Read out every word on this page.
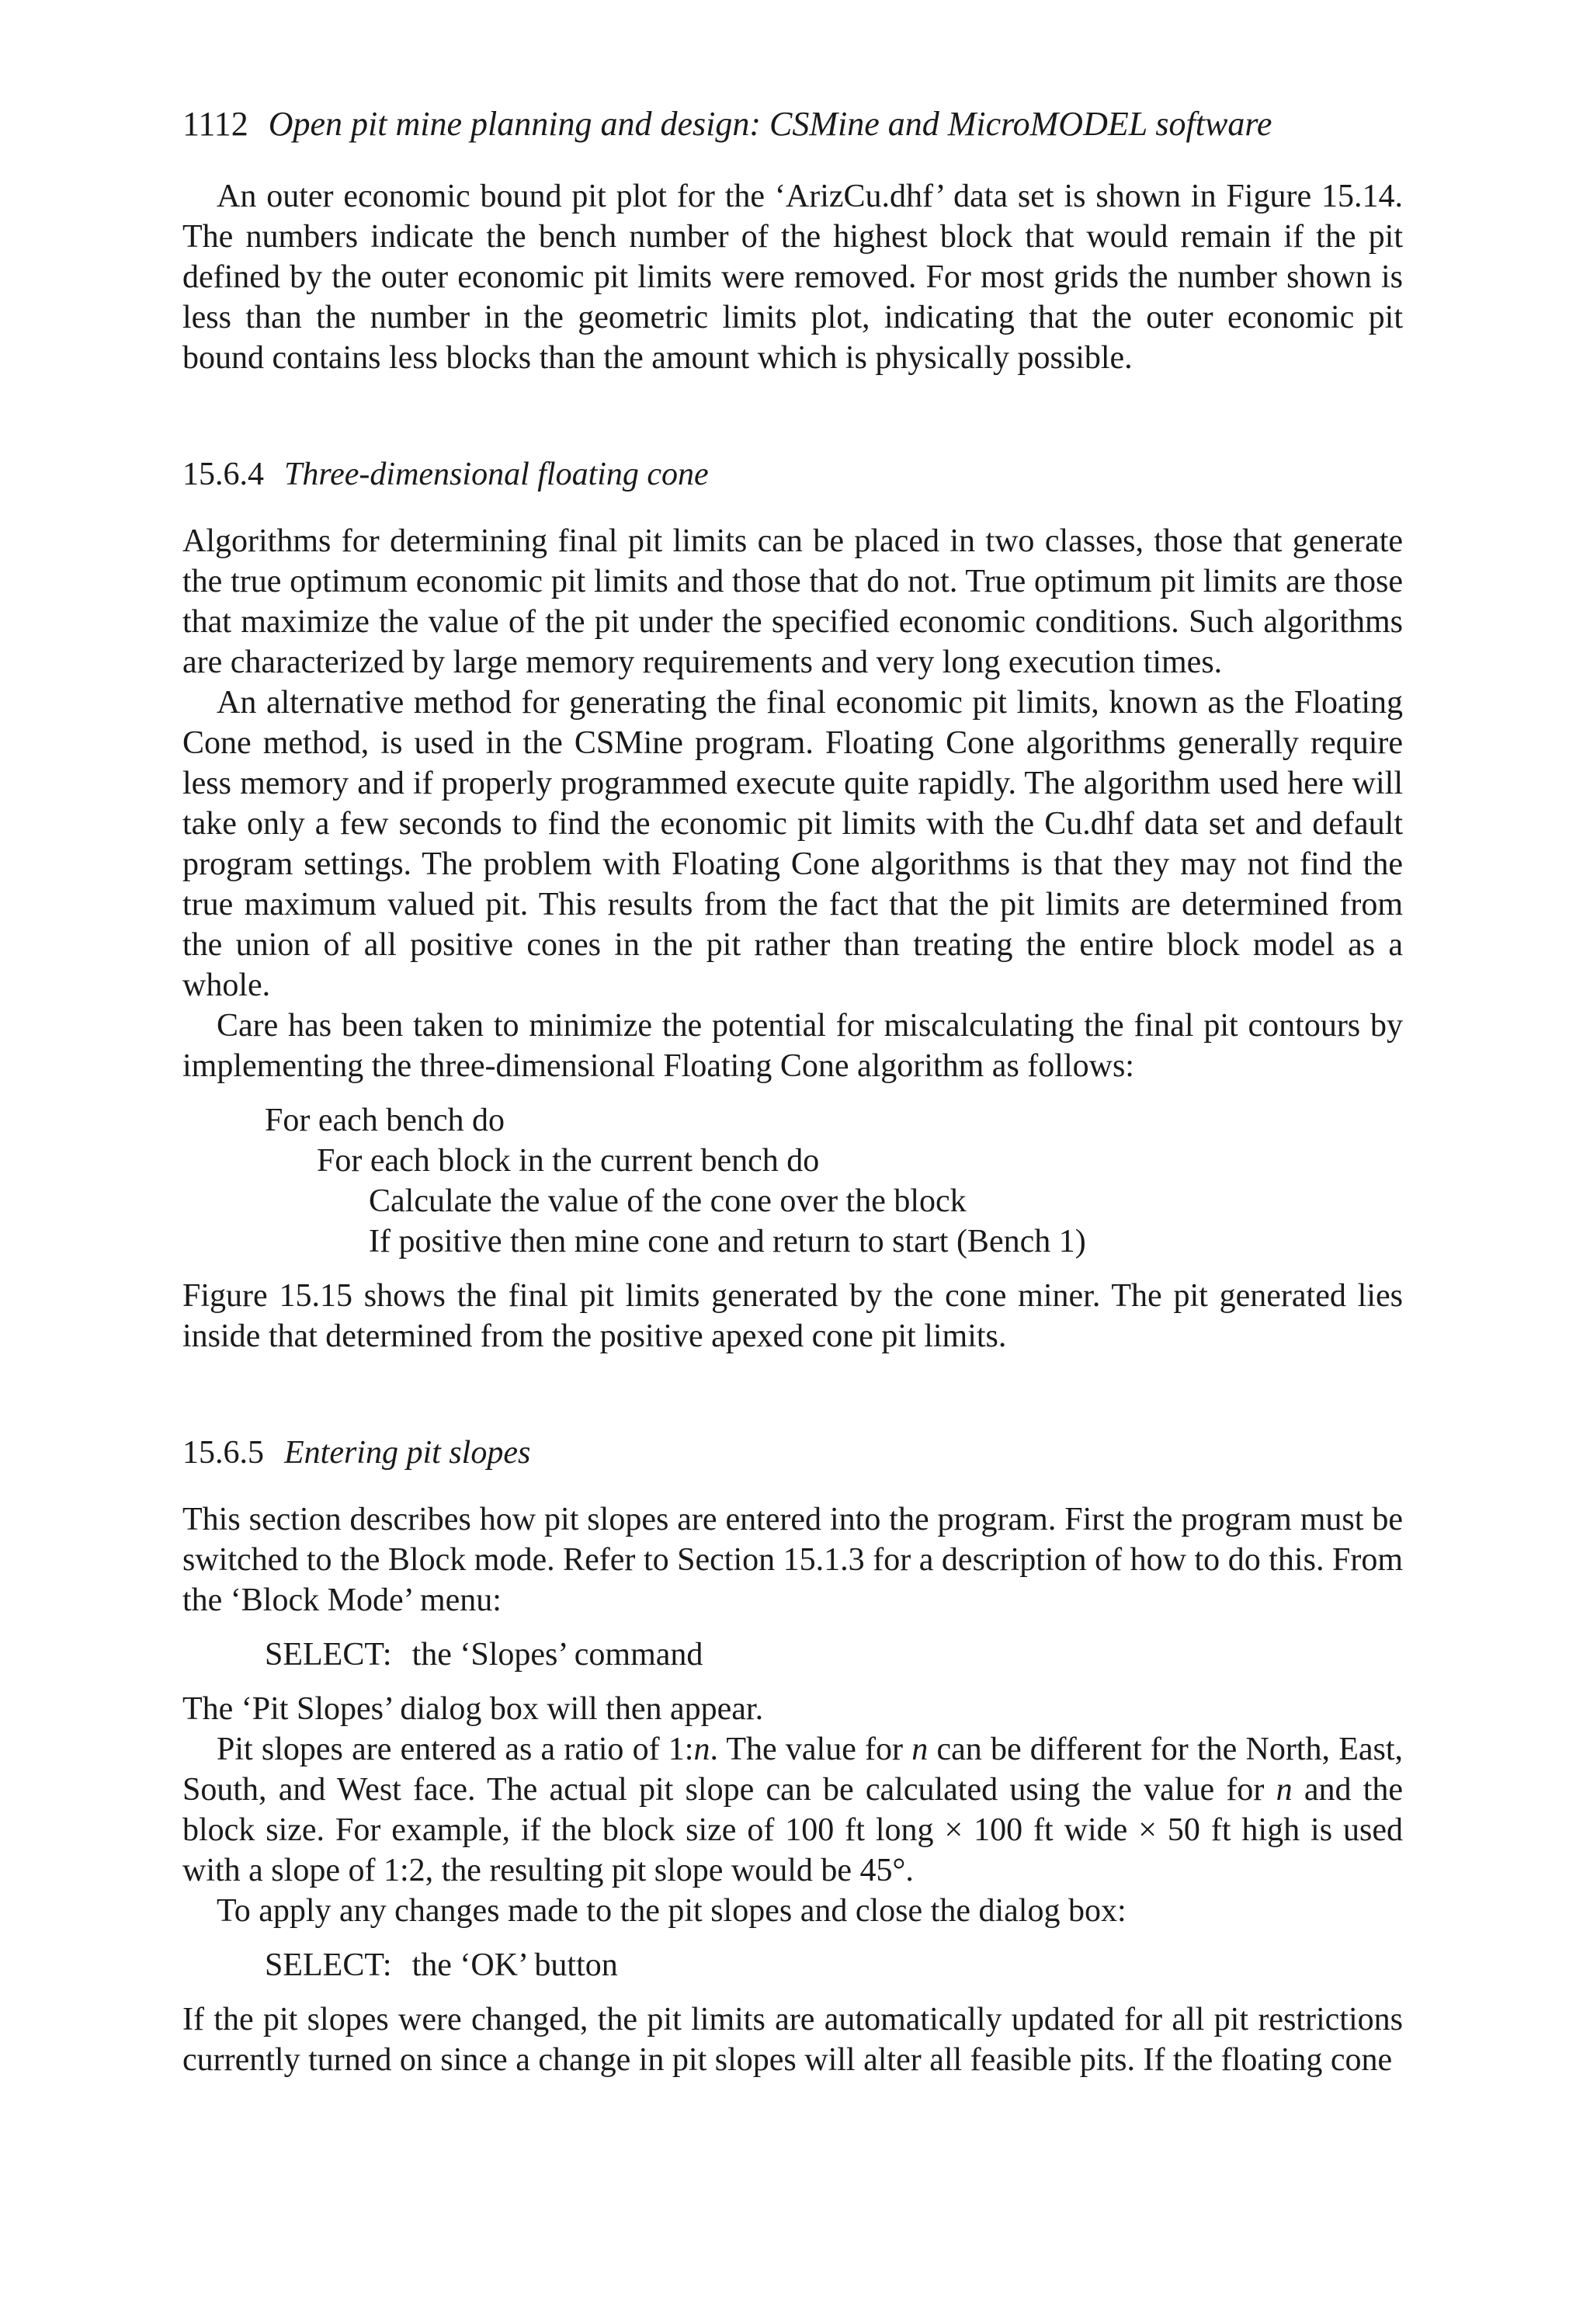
1112 Open pit mine planning and design: CSMine and MicroMODEL software

An outer economic bound pit plot for the ‘ArizCu.dhf’ data set is shown in Figure 15.14. The numbers indicate the bench number of the highest block that would remain if the pit defined by the outer economic pit limits were removed. For most grids the number shown is less than the number in the geometric limits plot, indicating that the outer economic pit bound contains less blocks than the amount which is physically possible.

15.6.4 Three-dimensional floating cone

Algorithms for determining final pit limits can be placed in two classes, those that generate the true optimum economic pit limits and those that do not. True optimum pit limits are those that maximize the value of the pit under the specified economic conditions. Such algorithms are characterized by large memory requirements and very long execution times.

An alternative method for generating the final economic pit limits, known as the Floating Cone method, is used in the CSMine program. Floating Cone algorithms generally require less memory and if properly programmed execute quite rapidly. The algorithm used here will take only a few seconds to find the economic pit limits with the Cu.dhf data set and default program settings. The problem with Floating Cone algorithms is that they may not find the true maximum valued pit. This results from the fact that the pit limits are determined from the union of all positive cones in the pit rather than treating the entire block model as a whole.

Care has been taken to minimize the potential for miscalculating the final pit contours by implementing the three-dimensional Floating Cone algorithm as follows:

For each bench do
For each block in the current bench do
Calculate the value of the cone over the block
If positive then mine cone and return to start (Bench 1)

Figure 15.15 shows the final pit limits generated by the cone miner. The pit generated lies inside that determined from the positive apexed cone pit limits.

15.6.5 Entering pit slopes

This section describes how pit slopes are entered into the program. First the program must be switched to the Block mode. Refer to Section 15.1.3 for a description of how to do this. From the ‘Block Mode’ menu:

SELECT: the ‘Slopes’ command

The ‘Pit Slopes’ dialog box will then appear.

Pit slopes are entered as a ratio of 1:n. The value for n can be different for the North, East, South, and West face. The actual pit slope can be calculated using the value for n and the block size. For example, if the block size of 100 ft long × 100 ft wide × 50 ft high is used with a slope of 1:2, the resulting pit slope would be 45°.

To apply any changes made to the pit slopes and close the dialog box:

SELECT: the ‘OK’ button

If the pit slopes were changed, the pit limits are automatically updated for all pit restrictions currently turned on since a change in pit slopes will alter all feasible pits. If the floating cone
